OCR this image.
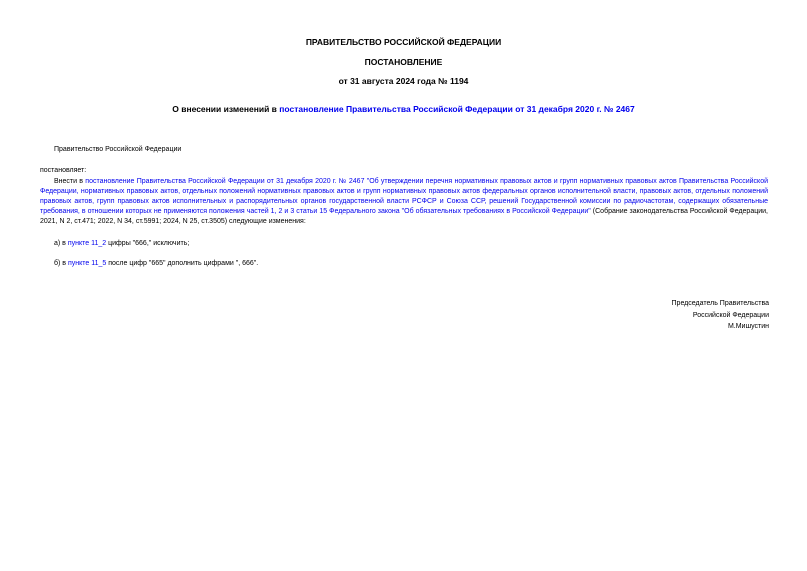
ПРАВИТЕЛЬСТВО РОССИЙСКОЙ ФЕДЕРАЦИИ
ПОСТАНОВЛЕНИЕ
от 31 августа 2024 года № 1194
О внесении изменений в постановление Правительства Российской Федерации от 31 декабря 2020 г. № 2467
Правительство Российской Федерации
постановляет:

Внести в постановление Правительства Российской Федерации от 31 декабря 2020 г. № 2467 "Об утверждении перечня нормативных правовых актов и групп нормативных правовых актов Правительства Российской Федерации, нормативных правовых актов, отдельных положений нормативных правовых актов и групп нормативных правовых актов федеральных органов исполнительной власти, правовых актов, отдельных положений правовых актов, групп правовых актов исполнительных и распорядительных органов государственной власти РСФСР и Союза ССР, решений Государственной комиссии по радиочастотам, содержащих обязательные требования, в отношении которых не применяются положения частей 1, 2 и 3 статьи 15 Федерального закона "Об обязательных требованиях в Российской Федерации" (Собрание законодательства Российской Федерации, 2021, N 2, ст.471; 2022, N 34, ст.5991; 2024, N 25, ст.3505) следующие изменения:

а) в пункте 11_2 цифры "666," исключить;
б) в пункте 11_5 после цифр "665" дополнить цифрами ", 666".
Председатель Правительства
Российской Федерации
М.Мишустин
